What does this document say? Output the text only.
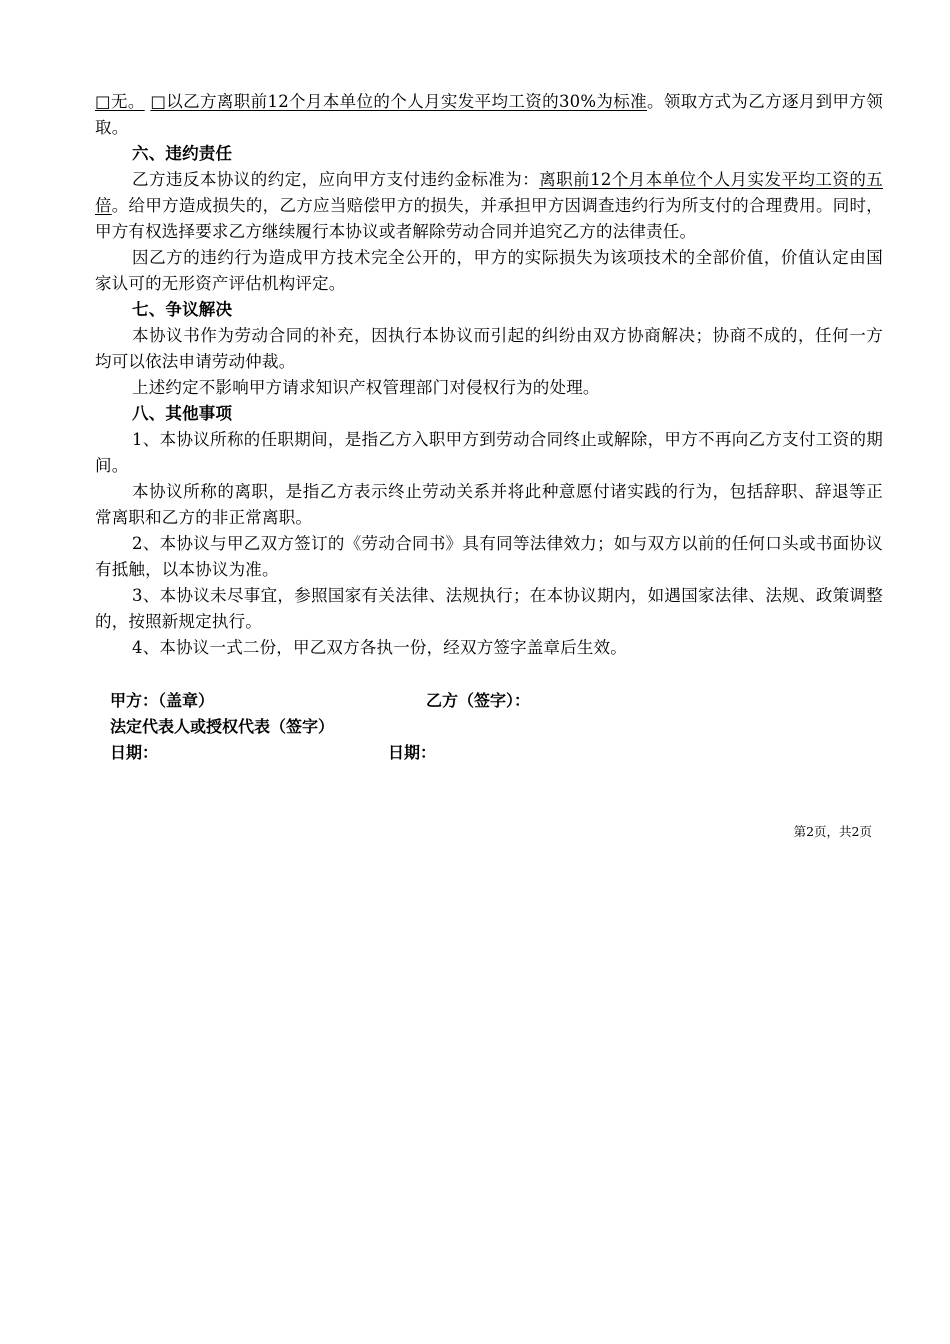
□无。 □以乙方离职前12个月本单位的个人月实发平均工资的30%为标准。领取方式为乙方逐月到甲方领取。

六、违约责任

乙方违反本协议的约定，应向甲方支付违约金标准为：离职前12个月本单位个人月实发平均工资的五倍。给甲方造成损失的，乙方应当赔偿甲方的损失，并承担甲方因调查违约行为所支付的合理费用。同时，甲方有权选择要求乙方继续履行本协议或者解除劳动合同并追究乙方的法律责任。

因乙方的违约行为造成甲方技术完全公开的，甲方的实际损失为该项技术的全部价值，价值认定由国家认可的无形资产评估机构评定。

七、争议解决

本协议书作为劳动合同的补充，因执行本协议而引起的纠纷由双方协商解决；协商不成的，任何一方均可以依法申请劳动仲裁。

上述约定不影响甲方请求知识产权管理部门对侵权行为的处理。

八、其他事项

1、本协议所称的任职期间，是指乙方入职甲方到劳动合同终止或解除，甲方不再向乙方支付工资的期间。

本协议所称的离职，是指乙方表示终止劳动关系并将此种意愿付诸实践的行为，包括辞职、辞退等正常离职和乙方的非正常离职。

2、本协议与甲乙双方签订的《劳动合同书》具有同等法律效力；如与双方以前的任何口头或书面协议有抵触，以本协议为准。

3、本协议未尽事宜，参照国家有关法律、法规执行；在本协议期内，如遇国家法律、法规、政策调整的，按照新规定执行。

4、本协议一式二份，甲乙双方各执一份，经双方签字盖章后生效。

甲方：（盖章）	乙方（签字）：
法定代表人或授权代表（签字）
日期：	日期：
第2页，共2页
